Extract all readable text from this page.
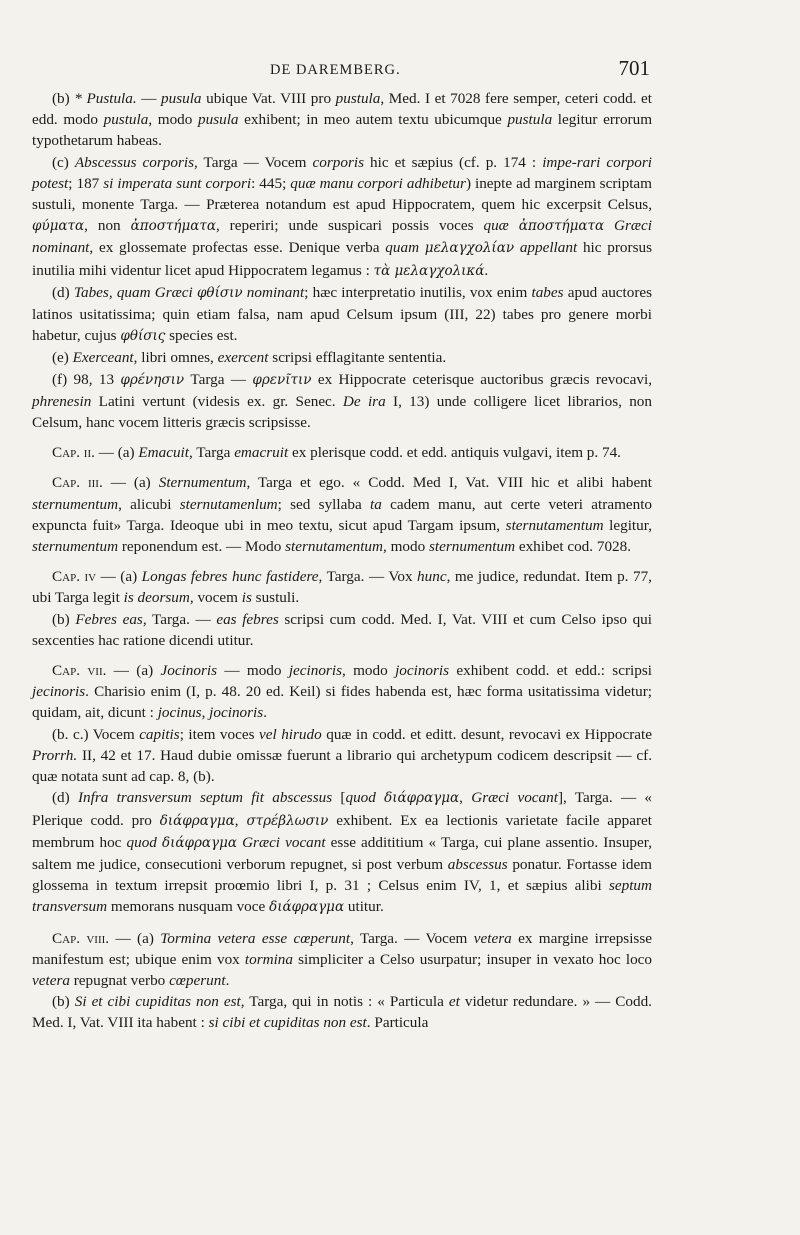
DE DAREMBERG.	701

(b) * Pustula. — pusula ubique Vat. VIII pro pustula, Med. I et 7028 fere semper, ceteri codd. et edd. modo pustula, modo pusula exhibent; in meo autem textu ubicumque pustula legitur errorum typothetarum habeas.

(c) Abscessus corporis, Targa — Vocem corporis hic et sæpius (cf. p. 174 : impe-rari corpori potest; 187 si imperata sunt corpori: 445; quæ manu corpori adhibetur) inepte ad marginem scriptam sustuli, monente Targa. — Præterea notandum est apud Hippocratem, quem hic excerpsit Celsus, φύματα, non ἀποστήματα, reperiri; unde suspicari possis voces quæ ἀποστήματα Græci nominant, ex glossemate profectas esse. Denique verba quam μελαγχολίαν appellant hic prorsus inutilia mihi videntur licet apud Hippocratem legamus : τὰ μελαγχολικά.

(d) Tabes, quam Græci φθίσιν nominant; hæc interpretatio inutilis, vox enim tabes apud auctores latinos usitatissima; quin etiam falsa, nam apud Celsum ipsum (III, 22) tabes pro genere morbi habetur, cujus φθίσις species est.

(e) Exerceant, libri omnes, exercent scripsi efflagitante sententia.

(f) 98, 13 φρένησιν Targa — φρενῖτιν ex Hippocrate ceterisque auctoribus græcis revocavi, phrenesin Latini vertunt (videsis ex. gr. Senec. De ira I, 13) unde colligere licet librarios, non Celsum, hanc vocem litteris græcis scripsisse.

Cap. ii. — (a) Emacuit, Targa emacruit ex plerisque codd. et edd. antiquis vulgavi, item p. 74.

Cap. iii. — (a) Sternumentum, Targa et ego. « Codd. Med I, Vat. VIII hic et alibi habent sternumentum, alicubi sternutamenlum; sed syllaba ta cadem manu, aut certe veteri atramento expuncta fuit» Targa. Ideoque ubi in meo textu, sicut apud Targam ipsum, sternutamentum legitur, sternumentum reponendum est. — Modo sternutamentum, modo sternumentum exhibet cod. 7028.

Cap. iv — (a) Longas febres hunc fastidere, Targa. — Vox hunc, me judice, redundat. Item p. 77, ubi Targa legit is deorsum, vocem is sustuli.

(b) Febres eas, Targa. — eas febres scripsi cum codd. Med. I, Vat. VIII et cum Celso ipso qui sexcenties hac ratione dicendi utitur.

Cap. vii. — (a) Jocinoris — modo jecinoris, modo jocinoris exhibent codd. et edd.: scripsi jecinoris. Charisio enim (I, p. 48. 20 ed. Keil) si fides habenda est, hæc forma usitatissima videtur; quidam, ait, dicunt : jocinus, jocinoris.

(b. c.) Vocem capitis; item voces vel hirudo quæ in codd. et editt. desunt, revocavi ex Hippocrate Prorrh. II, 42 et 17. Haud dubie omissæ fuerunt a librario qui archetypum codicem descripsit — cf. quæ notata sunt ad cap. 8, (b).

(d) Infra transversum septum fit abscessus [quod διάφραγμα, Græci vocant], Targa. — « Plerique codd. pro διάφραγμα, στρέβλωσιν exhibent. Ex ea lectionis varietate facile apparet membrum hoc quod διάφραγμα Græci vocant esse addititium « Targa, cui plane assentio. Insuper, saltem me judice, consecutioni verborum repugnet, si post verbum abscessus ponatur. Fortasse idem glossema in textum irrepsit proœmio libri I, p. 31 ; Celsus enim IV, 1, et sæpius alibi septum transversum memorans nusquam voce διάφραγμα utitur.

Cap. viii. — (a) Tormina vetera esse cœperunt, Targa. — Vocem vetera ex margine irrepsisse manifestum est; ubique enim vox tormina simpliciter a Celso usurpatur; insuper in vexato hoc loco vetera repugnat verbo cœperunt.

(b) Si et cibi cupiditas non est, Targa, qui in notis : « Particula et videtur redundare. » — Codd. Med. I, Vat. VIII ita habent : si cibi et cupiditas non est. Particula
